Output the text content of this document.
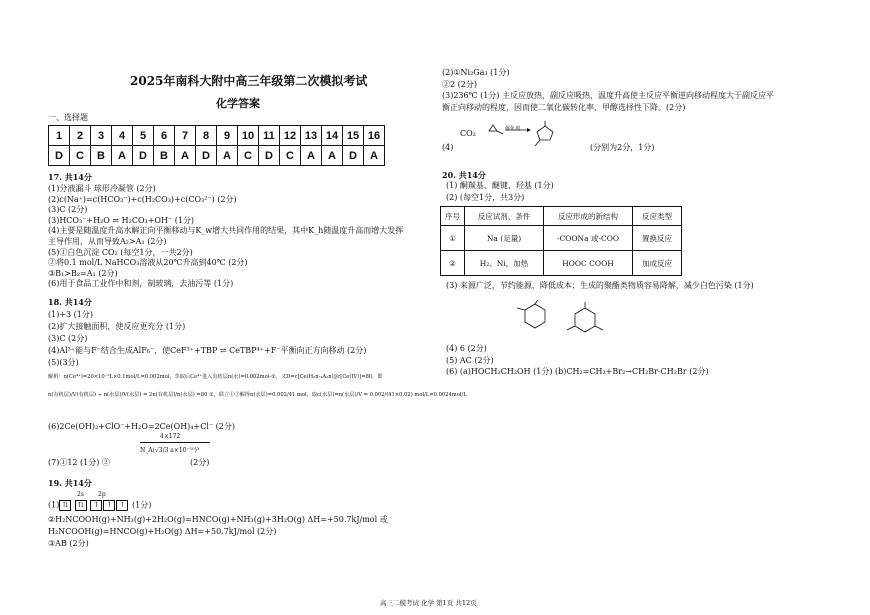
2025年南科大附中高三年级第二次模拟考试
化学答案
一、选择题
1	2	3	4	5	6	7	8	9	10	11	12	13	14	15	16
D	C	B	A	D	B	A	D	A	C	D	C	A	A	D	A
17. 共14分
(1)分液漏斗 球形冷凝管 (2分)
(2)c(Na⁺)=c(HCO₃⁻)+c(H₂CO₃)+c(CO₃²⁻) (2分)
(3)C (2分)
(3)HCO₃⁻+H₂O ⇌ H₂CO₃+OH⁻ (1分)
(4)主要是随温度升高水解正向平衡移动与K_w增大共同作用的结果，其中K_h随温度升高而增大发挥
主导作用，从而导致A₂>A₁ (2分)
(5)①白色沉淀 CO₂ (每空1分，一共2分)
②将0.1 mol/L NaHCO₃溶液从20℃升高到40℃ (2分)
③B₁>B₂=A₁ (2分)
(6)用于食品工业作中和剂，制玻璃，去油污等 (1分)
18. 共14分
(1)+3 (1分)
(2)扩大接触面积，使反应更充分 (1分)
(3)C (2分)
(4)Al³⁺能与F⁻结合生成AlF₆⁻，使CeF³⁺+TBP ⇌ CeTBP⁴⁺+F⁻平衡向正方向移动 (2分)
(5)(3分)
解析：n(Ce⁴⁺)=20×10⁻³L×0.1mol/L=0.002mol，萃取后Ce⁴⁺进入有机层n(水)=0.002mol-②，又D=c[Ce(H₂n-₄A₂n)]/c[Ce(IV)]=80，即
n(有机层)/V(有机层) ÷ n(水层)/V(水层) = 2n(有机层)/n(水层) =80 ②，联立①②解得n(水层)=0.002/41 mol，取c(水层)=n(水层)/V = 0.002/(41×0.02) mol/L=0.0024mol/L
(6)2Ce(OH)₃+ClO⁻+H₂O=2Ce(OH)₄+Cl⁻ (2分)
(7)①12 (1分) ②	(2分)
4×172
N_A(√3/3 a×10⁻¹⁰)³
19. 共14分
2s 2p
(1) ⇅ ⇅ ↑ ↑ ↑ (1分)
②H₂NCOOH(g)+NH₃(g)+2H₂O(g)=HNCO(g)+NH₃(g)+3H₂O(g) ΔH=+50.7kJ/mol 或
H₂NCOOH(g)=HNCO(g)+H₂O(g) ΔH=+50.7kJ/mol (2分)
③AB (2分)
(2)①Ni₂Ga₃ (1分)
②2 (2分)
(3)236℃ (1分) 主反应放热，副反应吸热，温度升高使主反应平衡逆向移动程度大于副反应平
衡正向移动的程度，因而使二氧化碳转化率、甲醇选择性下降。(2分)
(4)
CO₂	催化剂
(分别为2分，1分)
20. 共14分
(1) 酮羰基、醚键、羟基 (1分)
(2) (每空1分，共3分)
序号	反应试剂、条件	反应形成的新结构	反应类型
①	Na (足量)	-COONa 或-COO	置换反应
②	H₂、Ni，加热	HOOC COOH	加成反应
(3) 来源广泛，节约能源，降低成本；生成的聚酯类物质容易降解，减少白色污染 (1分)
(4) 6 (2分)
(5) AC (2分)
(6) (a)HOCH₂CH₂OH (1分) (b)CH₂=CH₂+Br₂→CH₂Br-CH₂Br (2分)
高三二模考试 化学 第1页 共12页
